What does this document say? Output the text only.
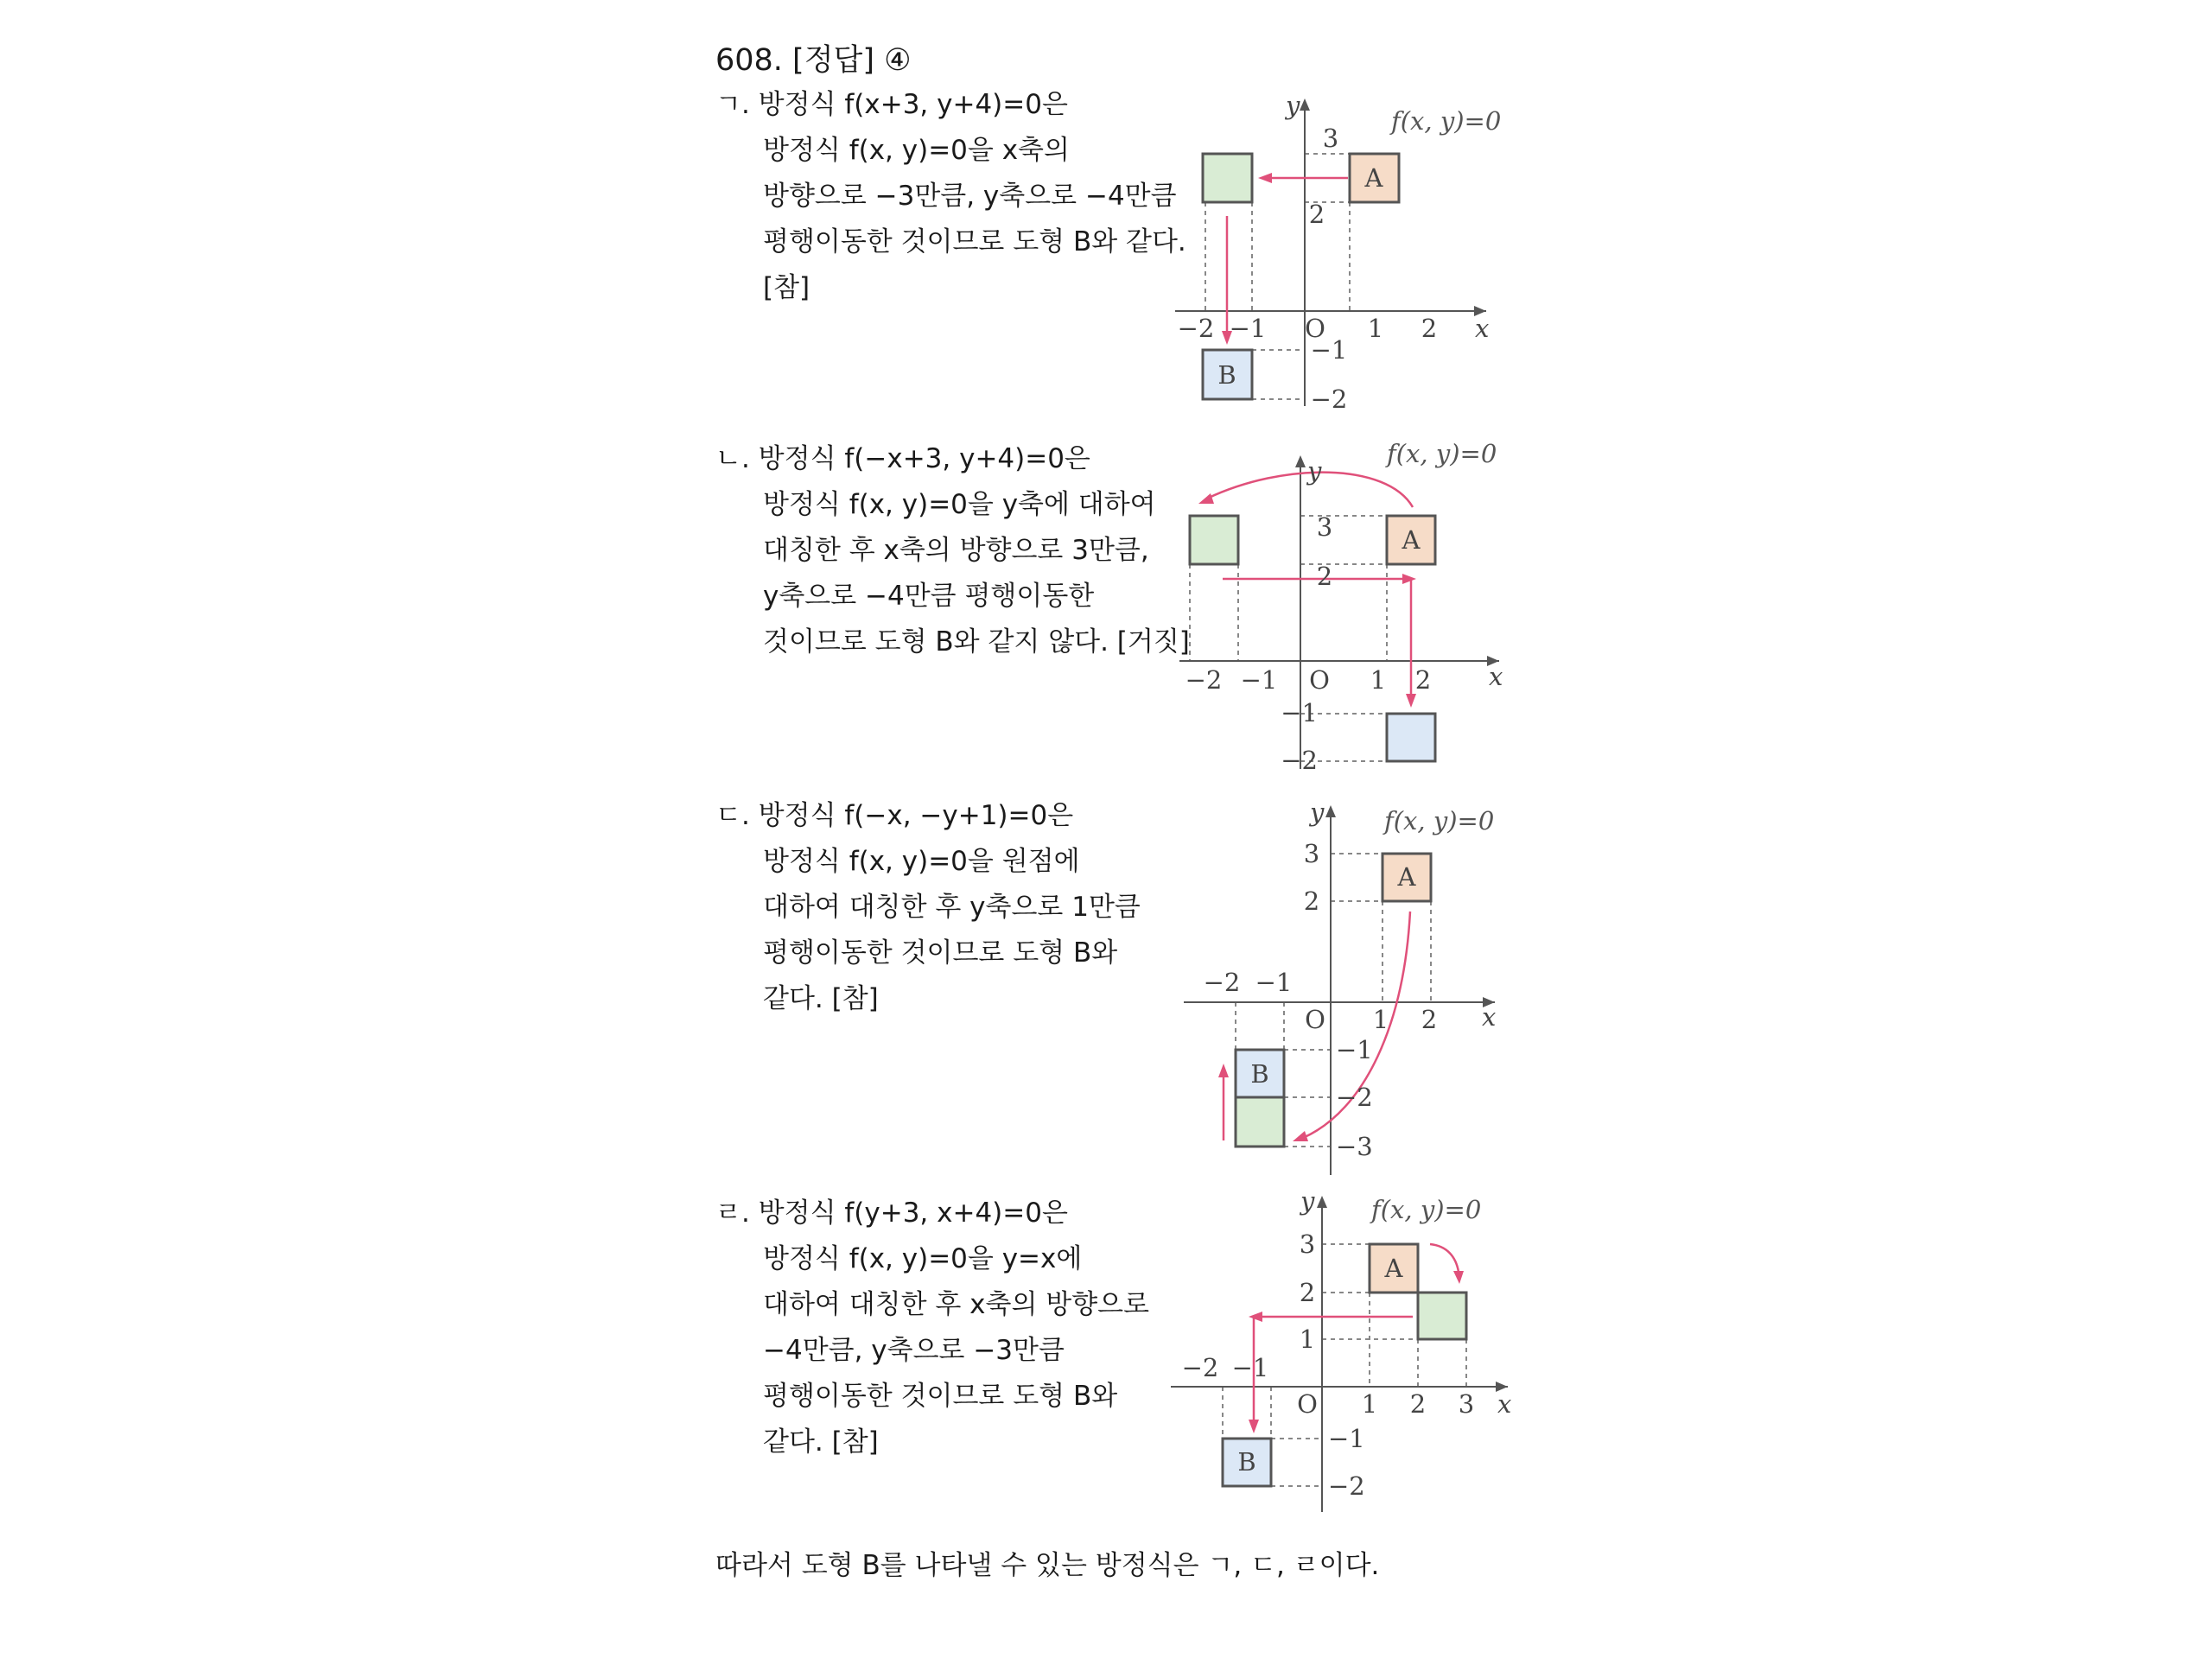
608. [정답] ④
ㄱ. 방정식 f(x+3, y+4)=0은
방정식 f(x, y)=0을 x축의
방향으로 −3만큼, y축으로 −4만큼
평행이동한 것이므로 도형 B와 같다.
[참]
A
B
f(x, y)=0
y
x
O
−2 −1	1 2
3
2
−1
−2
ㄴ. 방정식 f(−x+3, y+4)=0은
방정식 f(x, y)=0을 y축에 대하여
대칭한 후 x축의 방향으로 3만큼,
y축으로 −4만큼 평행이동한
것이므로 도형 B와 같지 않다. [거짓]
A
f(x, y)=0
y
x
O
−2 −1	1 2
3
2
−1
−2
ㄷ. 방정식 f(−x, −y+1)=0은
방정식 f(x, y)=0을 원점에
대하여 대칭한 후 y축으로 1만큼
평행이동한 것이므로 도형 B와
같다. [참]
A
B
f(x, y)=0
y
x
O
−2 −1
1 2
3
2
−1
−2
−3
ㄹ. 방정식 f(y+3, x+4)=0은
방정식 f(x, y)=0을 y=x에
대하여 대칭한 후 x축의 방향으로
−4만큼, y축으로 −3만큼
평행이동한 것이므로 도형 B와
같다. [참]
A
B
f(x, y)=0
y
x
O
−2 −1
1 2 3
3
2
1
−1
−2
따라서 도형 B를 나타낼 수 있는 방정식은 ㄱ, ㄷ, ㄹ이다.
